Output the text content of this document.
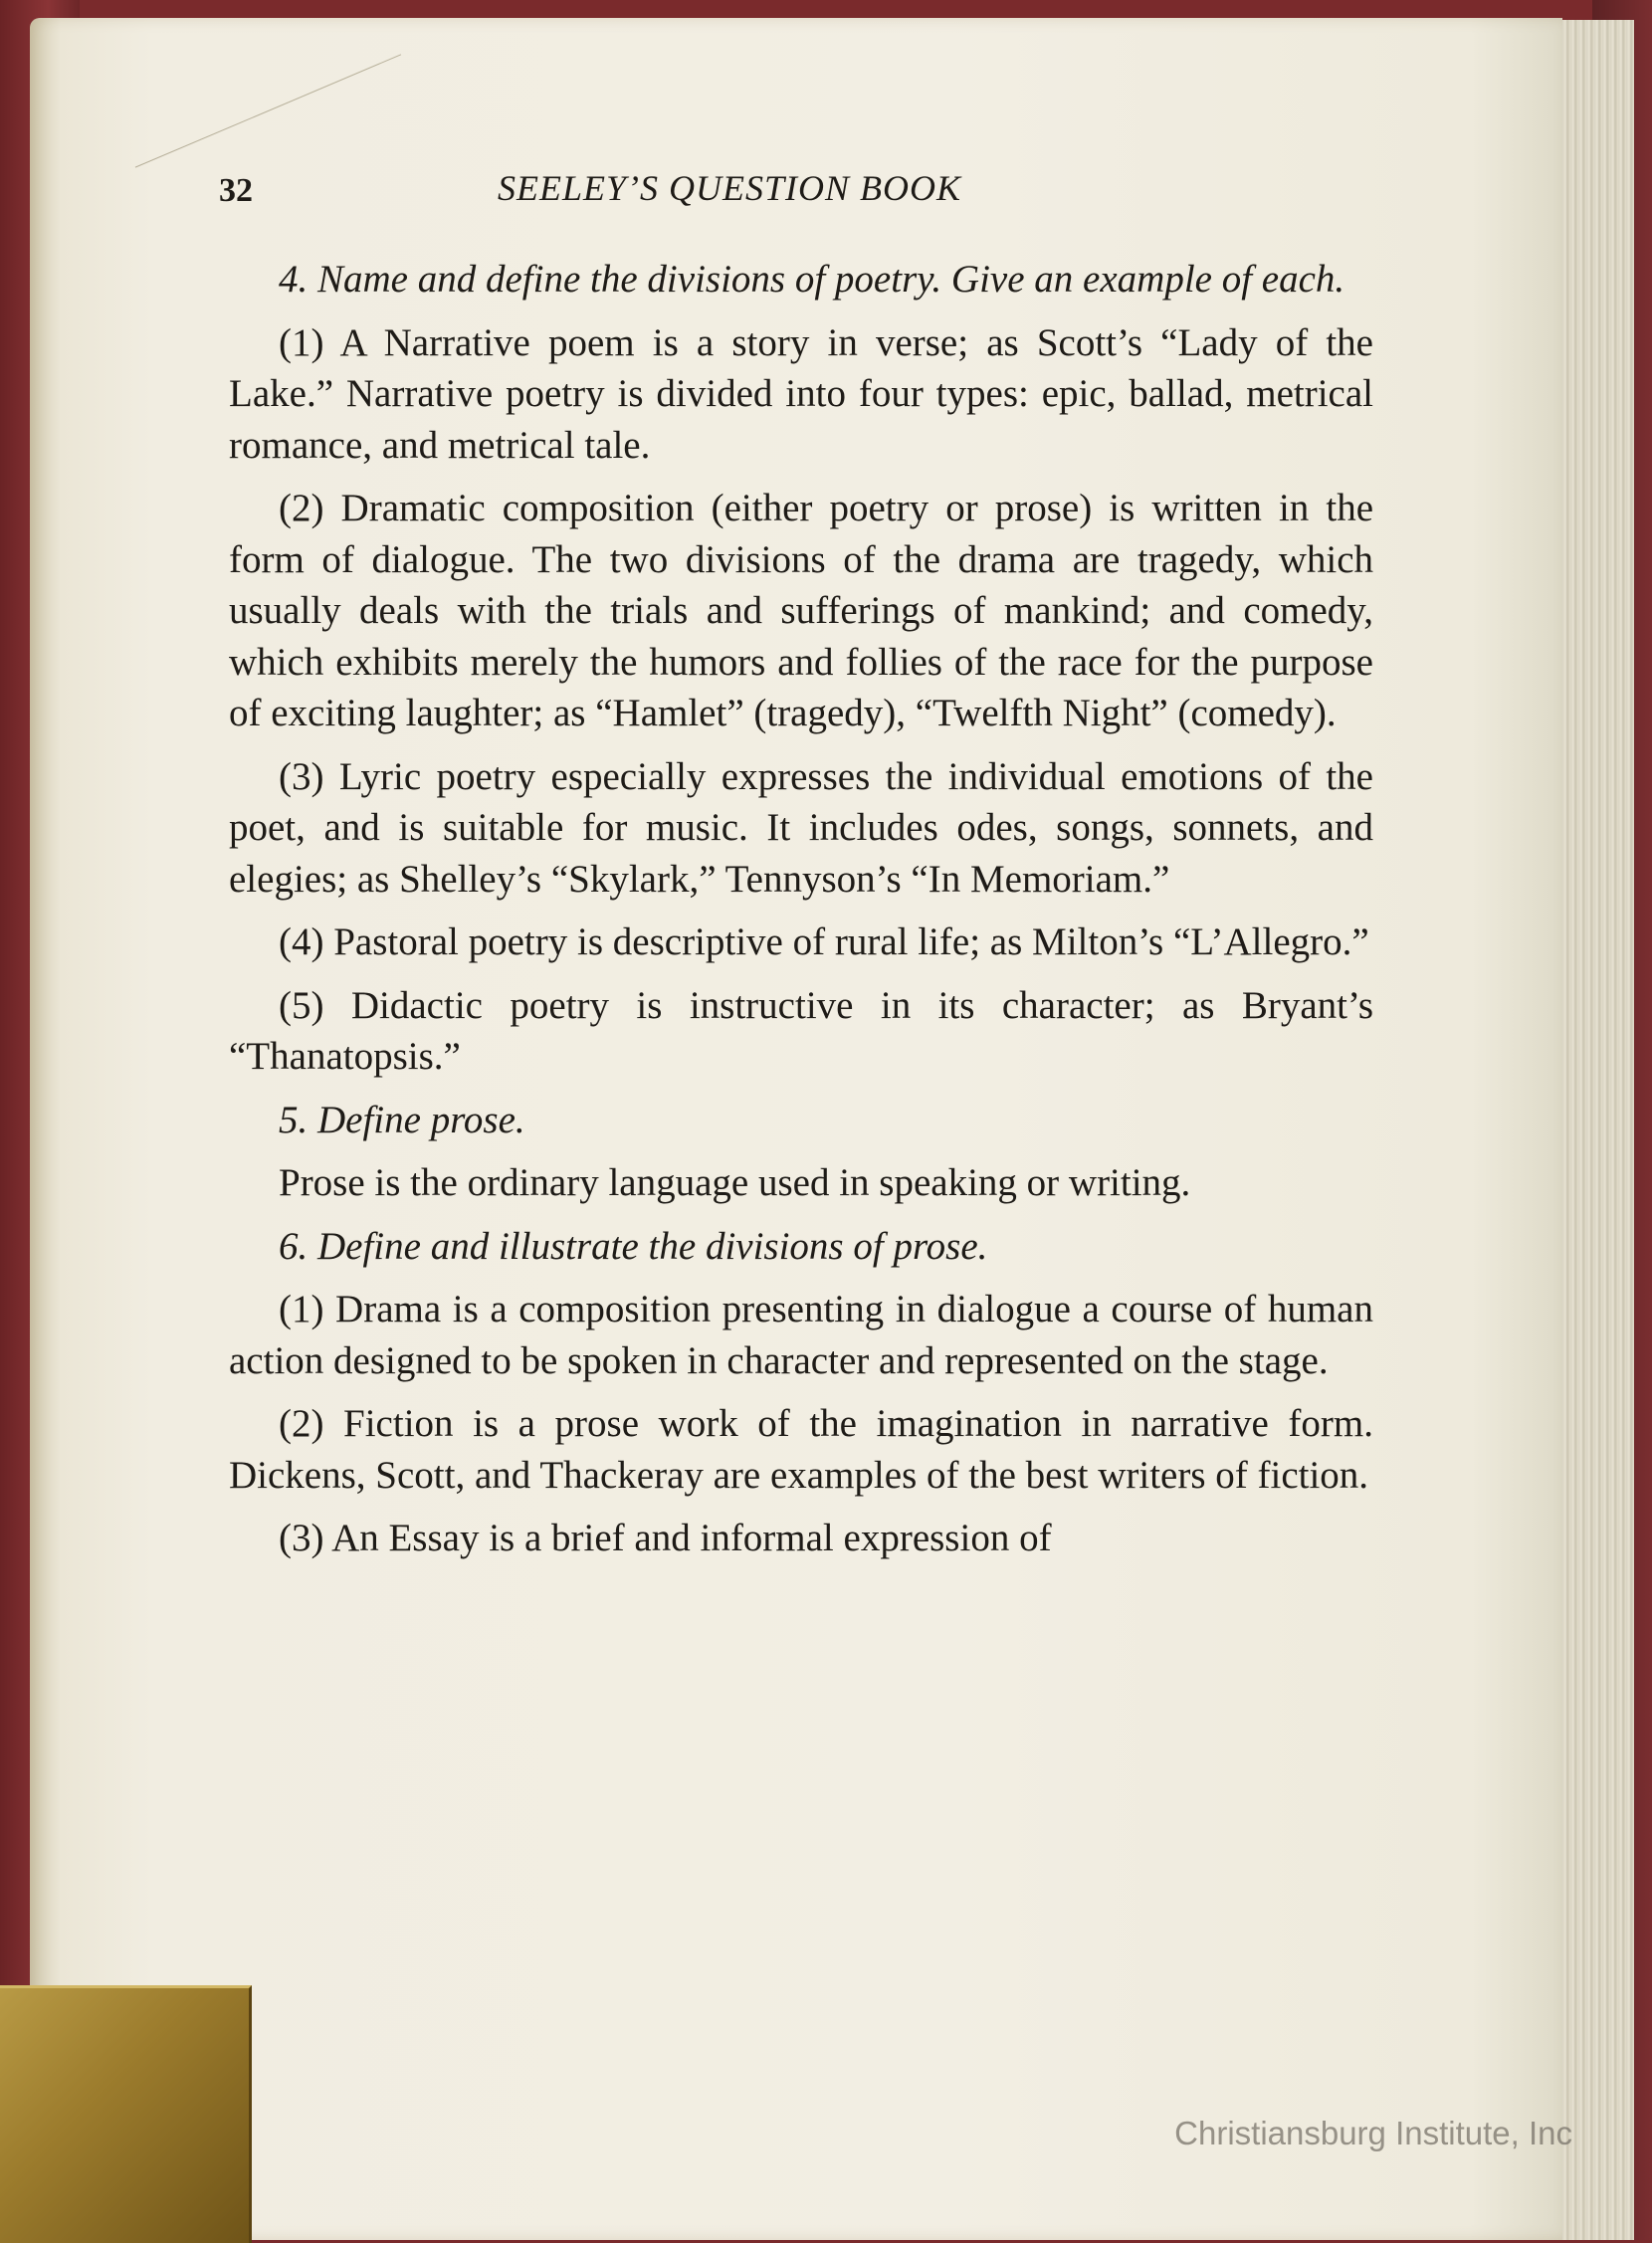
32	SEELEY’S QUESTION BOOK

4. Name and define the divisions of poetry. Give an example of each.

(1) A Narrative poem is a story in verse; as Scott’s “Lady of the Lake.” Narrative poetry is divided into four types: epic, ballad, metrical romance, and metrical tale.

(2) Dramatic composition (either poetry or prose) is written in the form of dialogue. The two divisions of the drama are tragedy, which usually deals with the trials and sufferings of mankind; and comedy, which exhibits merely the humors and follies of the race for the purpose of exciting laughter; as “Hamlet” (tragedy), “Twelfth Night” (comedy).

(3) Lyric poetry especially expresses the individual emotions of the poet, and is suitable for music. It includes odes, songs, sonnets, and elegies; as Shelley’s “Skylark,” Tennyson’s “In Memoriam.”

(4) Pastoral poetry is descriptive of rural life; as Milton’s “L’Allegro.”

(5) Didactic poetry is instructive in its character; as Bryant’s “Thanatopsis.”

5. Define prose.

Prose is the ordinary language used in speaking or writing.

6. Define and illustrate the divisions of prose.

(1) Drama is a composition presenting in dialogue a course of human action designed to be spoken in character and represented on the stage.

(2) Fiction is a prose work of the imagination in narrative form. Dickens, Scott, and Thackeray are examples of the best writers of fiction.

(3) An Essay is a brief and informal expression of

Christiansburg Institute, Inc
